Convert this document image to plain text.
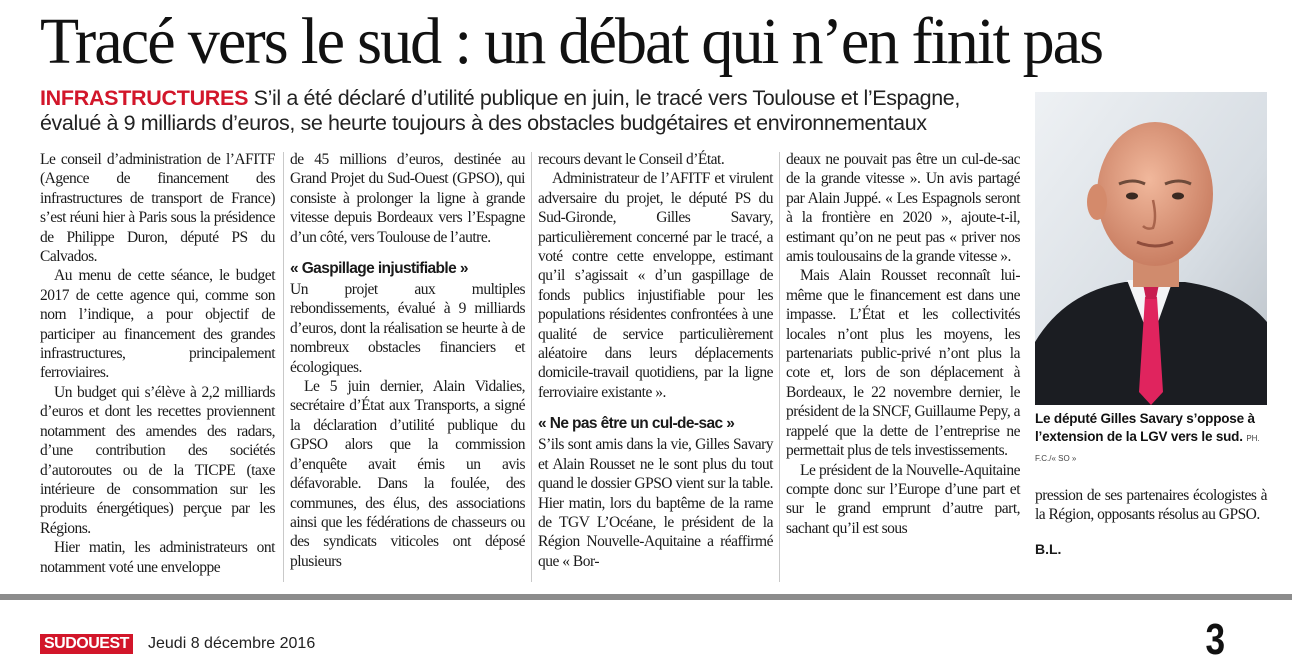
Tracé vers le sud : un débat qui n’en finit pas
INFRASTRUCTURES S’il a été déclaré d’utilité publique en juin, le tracé vers Toulouse et l’Espagne, évalué à 9 milliards d’euros, se heurte toujours à des obstacles budgétaires et environnementaux

Le conseil d’administration de l’AFITF (Agence de financement des infrastructures de transport de France) s’est réuni hier à Paris sous la présidence de Philippe Duron, député PS du Calvados.

Au menu de cette séance, le budget 2017 de cette agence qui, comme son nom l’indique, a pour objectif de participer au financement des grandes infrastructures, principalement ferroviaires.

Un budget qui s’élève à 2,2 milliards d’euros et dont les recettes proviennent notamment des amendes des radars, d’une contribution des sociétés d’autoroutes ou de la TICPE (taxe intérieure de consommation sur les produits énergétiques) perçue par les Régions.

Hier matin, les administrateurs ont notamment voté une enveloppe

de 45 millions d’euros, destinée au Grand Projet du Sud-Ouest (GPSO), qui consiste à prolonger la ligne à grande vitesse depuis Bordeaux vers l’Espagne d’un côté, vers Toulouse de l’autre.

« Gaspillage injustifiable »

Un projet aux multiples rebondissements, évalué à 9 milliards d’euros, dont la réalisation se heurte à de nombreux obstacles financiers et écologiques.

Le 5 juin dernier, Alain Vidalies, secrétaire d’État aux Transports, a signé la déclaration d’utilité publique du GPSO alors que la commission d’enquête avait émis un avis défavorable. Dans la foulée, des communes, des élus, des associations ainsi que les fédérations de chasseurs ou des syndicats viticoles ont déposé plusieurs

recours devant le Conseil d’État.

Administrateur de l’AFITF et virulent adversaire du projet, le député PS du Sud-Gironde, Gilles Savary, particulièrement concerné par le tracé, a voté contre cette enveloppe, estimant qu’il s’agissait « d’un gaspillage de fonds publics injustifiable pour les populations résidentes confrontées à une qualité de service particulièrement aléatoire dans leurs déplacements domicile-travail quotidiens, par la ligne ferroviaire existante ».

« Ne pas être un cul-de-sac »

S’ils sont amis dans la vie, Gilles Savary et Alain Rousset ne le sont plus du tout quand le dossier GPSO vient sur la table. Hier matin, lors du baptême de la rame de TGV L’Océane, le président de la Région Nouvelle-Aquitaine a réaffirmé que « Bor-

deaux ne pouvait pas être un cul-de-sac de la grande vitesse ». Un avis partagé par Alain Juppé. « Les Espagnols seront à la frontière en 2020 », ajoute-t-il, estimant qu’on ne peut pas « priver nos amis toulousains de la grande vitesse ».

Mais Alain Rousset reconnaît lui-même que le financement est dans une impasse. L’État et les collectivités locales n’ont plus les moyens, les partenariats public-privé n’ont plus la cote et, lors de son déplacement à Bordeaux, le 22 novembre dernier, le président de la SNCF, Guillaume Pepy, a rappelé que la dette de l’entreprise ne permettait plus de tels investissements.

Le président de la Nouvelle-Aquitaine compte donc sur l’Europe d’une part et sur le grand emprunt d’autre part, sachant qu’il est sous

Le député Gilles Savary s’oppose à l’extension de la LGV vers le sud. PH. F.C./« SO »

pression de ses partenaires écologistes à la Région, opposants résolus au GPSO.

B.L.
SUDOUEST Jeudi 8 décembre 2016	3
